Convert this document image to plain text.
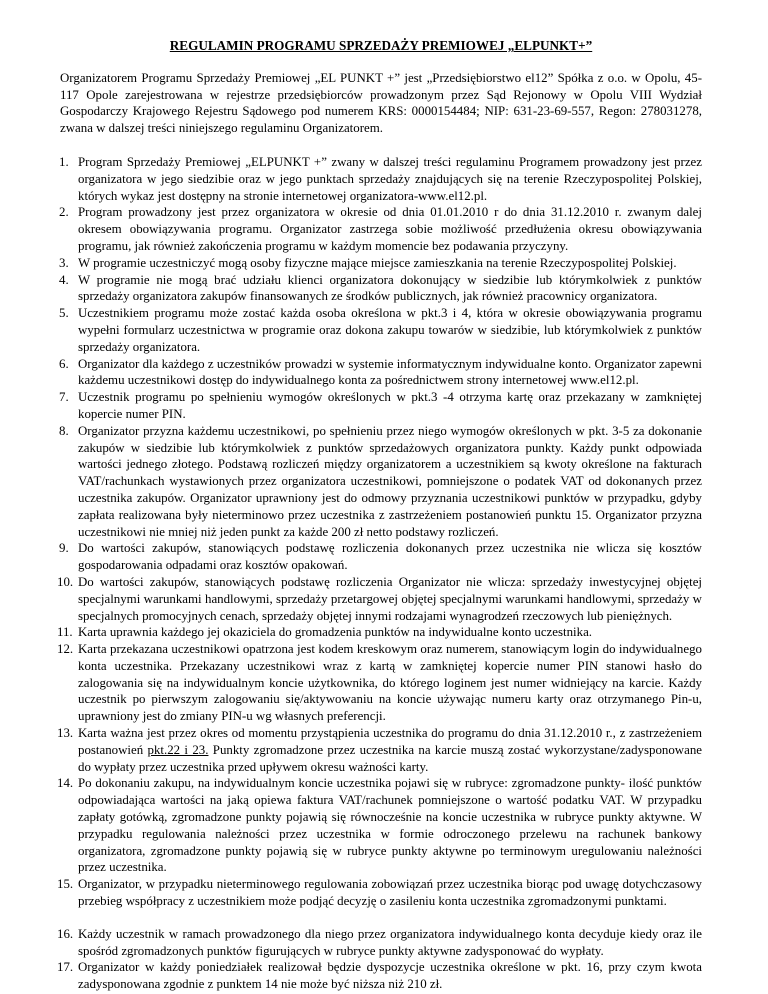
REGULAMIN PROGRAMU SPRZEDAŻY PREMIOWEJ „ELPUNKT+”
Organizatorem Programu Sprzedaży Premiowej „EL PUNKT +” jest „Przedsiębiorstwo el12” Spółka z o.o. w Opolu, 45-117 Opole zarejestrowana w rejestrze przedsiębiorców prowadzonym przez Sąd Rejonowy w Opolu VIII Wydział Gospodarczy Krajowego Rejestru Sądowego pod numerem KRS: 0000154484; NIP: 631-23-69-557, Regon: 278031278, zwana w dalszej treści niniejszego regulaminu Organizatorem.
1. Program Sprzedaży Premiowej „ELPUNKT +” zwany w dalszej treści regulaminu Programem prowadzony jest przez organizatora w jego siedzibie oraz w jego punktach sprzedaży znajdujących się na terenie Rzeczypospolitej Polskiej, których wykaz jest dostępny na stronie internetowej organizatora-www.el12.pl.
2. Program prowadzony jest przez organizatora w okresie od dnia 01.01.2010 r do dnia 31.12.2010 r. zwanym dalej okresem obowiązywania programu. Organizator zastrzega sobie możliwość przedłużenia okresu obowiązywania programu, jak również zakończenia programu w każdym momencie bez podawania przyczyny.
3. W programie uczestniczyć mogą osoby fizyczne mające miejsce zamieszkania na terenie Rzeczypospolitej Polskiej.
4. W programie nie mogą brać udziału klienci organizatora dokonujący w siedzibie lub którymkolwiek z punktów sprzedaży organizatora zakupów finansowanych ze środków publicznych, jak również pracownicy organizatora.
5. Uczestnikiem programu może zostać każda osoba określona w pkt.3 i 4, która w okresie obowiązywania programu wypełni formularz uczestnictwa w programie oraz dokona zakupu towarów w siedzibie, lub którymkolwiek z punktów sprzedaży organizatora.
6. Organizator dla każdego z uczestników prowadzi w systemie informatycznym indywidualne konto. Organizator zapewni każdemu uczestnikowi dostęp do indywidualnego konta za pośrednictwem strony internetowej www.el12.pl.
7. Uczestnik programu po spełnieniu wymogów określonych w pkt.3 -4 otrzyma kartę oraz przekazany w zamkniętej kopercie numer PIN.
8. Organizator przyzna każdemu uczestnikowi, po spełnieniu przez niego wymogów określonych w pkt. 3-5 za dokonanie zakupów w siedzibie lub którymkolwiek z punktów sprzedażowych organizatora punkty. Każdy punkt odpowiada wartości jednego złotego. Podstawą rozliczeń między organizatorem a uczestnikiem są kwoty określone na fakturach VAT/rachunkach wystawionych przez organizatora uczestnikowi, pomniejszone o podatek VAT od dokonanych przez uczestnika zakupów. Organizator uprawniony jest do odmowy przyznania uczestnikowi punktów w przypadku, gdyby zapłata realizowana były nieterminowo przez uczestnika z zastrzeżeniem postanowień punktu 15. Organizator przyzna uczestnikowi nie mniej niż jeden punkt za każde 200 zł netto podstawy rozliczeń.
9. Do wartości zakupów, stanowiących podstawę rozliczenia dokonanych przez uczestnika nie wlicza się kosztów gospodarowania odpadami oraz kosztów opakowań.
10. Do wartości zakupów, stanowiących podstawę rozliczenia Organizator nie wlicza: sprzedaży inwestycyjnej objętej specjalnymi warunkami handlowymi, sprzedaży przetargowej objętej specjalnymi warunkami handlowymi, sprzedaży w specjalnych promocyjnych cenach, sprzedaży objętej innymi rodzajami wynagrodzeń rzeczowych lub pieniężnych.
11. Karta uprawnia każdego jej okaziciela do gromadzenia punktów na indywidualne konto uczestnika.
12. Karta przekazana uczestnikowi opatrzona jest kodem kreskowym oraz numerem, stanowiącym login do indywidualnego konta uczestnika. Przekazany uczestnikowi wraz z kartą w zamkniętej kopercie numer PIN stanowi hasło do zalogowania się na indywidualnym koncie użytkownika, do którego loginem jest numer widniejący na karcie. Każdy uczestnik po pierwszym zalogowaniu się/aktywowaniu na koncie używając numeru karty oraz otrzymanego Pin-u, uprawniony jest do zmiany PIN-u wg własnych preferencji.
13. Karta ważna jest przez okres od momentu przystąpienia uczestnika do programu do dnia 31.12.2010 r., z zastrzeżeniem postanowień pkt.22 i 23. Punkty zgromadzone przez uczestnika na karcie muszą zostać wykorzystane/zadysponowane do wypłaty przez uczestnika przed upływem okresu ważności karty.
14. Po dokonaniu zakupu, na indywidualnym koncie uczestnika pojawi się w rubryce: zgromadzone punkty- ilość punktów odpowiadająca wartości na jaką opiewa faktura VAT/rachunek pomniejszone o wartość podatku VAT. W przypadku zapłaty gotówką, zgromadzone punkty pojawią się równocześnie na koncie uczestnika w rubryce punkty aktywne. W przypadku regulowania należności przez uczestnika w formie odroczonego przelewu na rachunek bankowy organizatora, zgromadzone punkty pojawią się w rubryce punkty aktywne po terminowym uregulowaniu należności przez uczestnika.
15. Organizator, w przypadku nieterminowego regulowania zobowiązań przez uczestnika biorąc pod uwagę dotychczasowy przebieg współpracy z uczestnikiem może podjąć decyzję o zasileniu konta uczestnika zgromadzonymi punktami.
16. Każdy uczestnik w ramach prowadzonego dla niego przez organizatora indywidualnego konta decyduje kiedy oraz ile spośród zgromadzonych punktów figurujących w rubryce punkty aktywne zadysponować do wypłaty.
17. Organizator w każdy poniedziałek realizował będzie dyspozycje uczestnika określone w pkt. 16, przy czym kwota zadysponowana zgodnie z punktem 14 nie może być niższa niż 210 zł.
